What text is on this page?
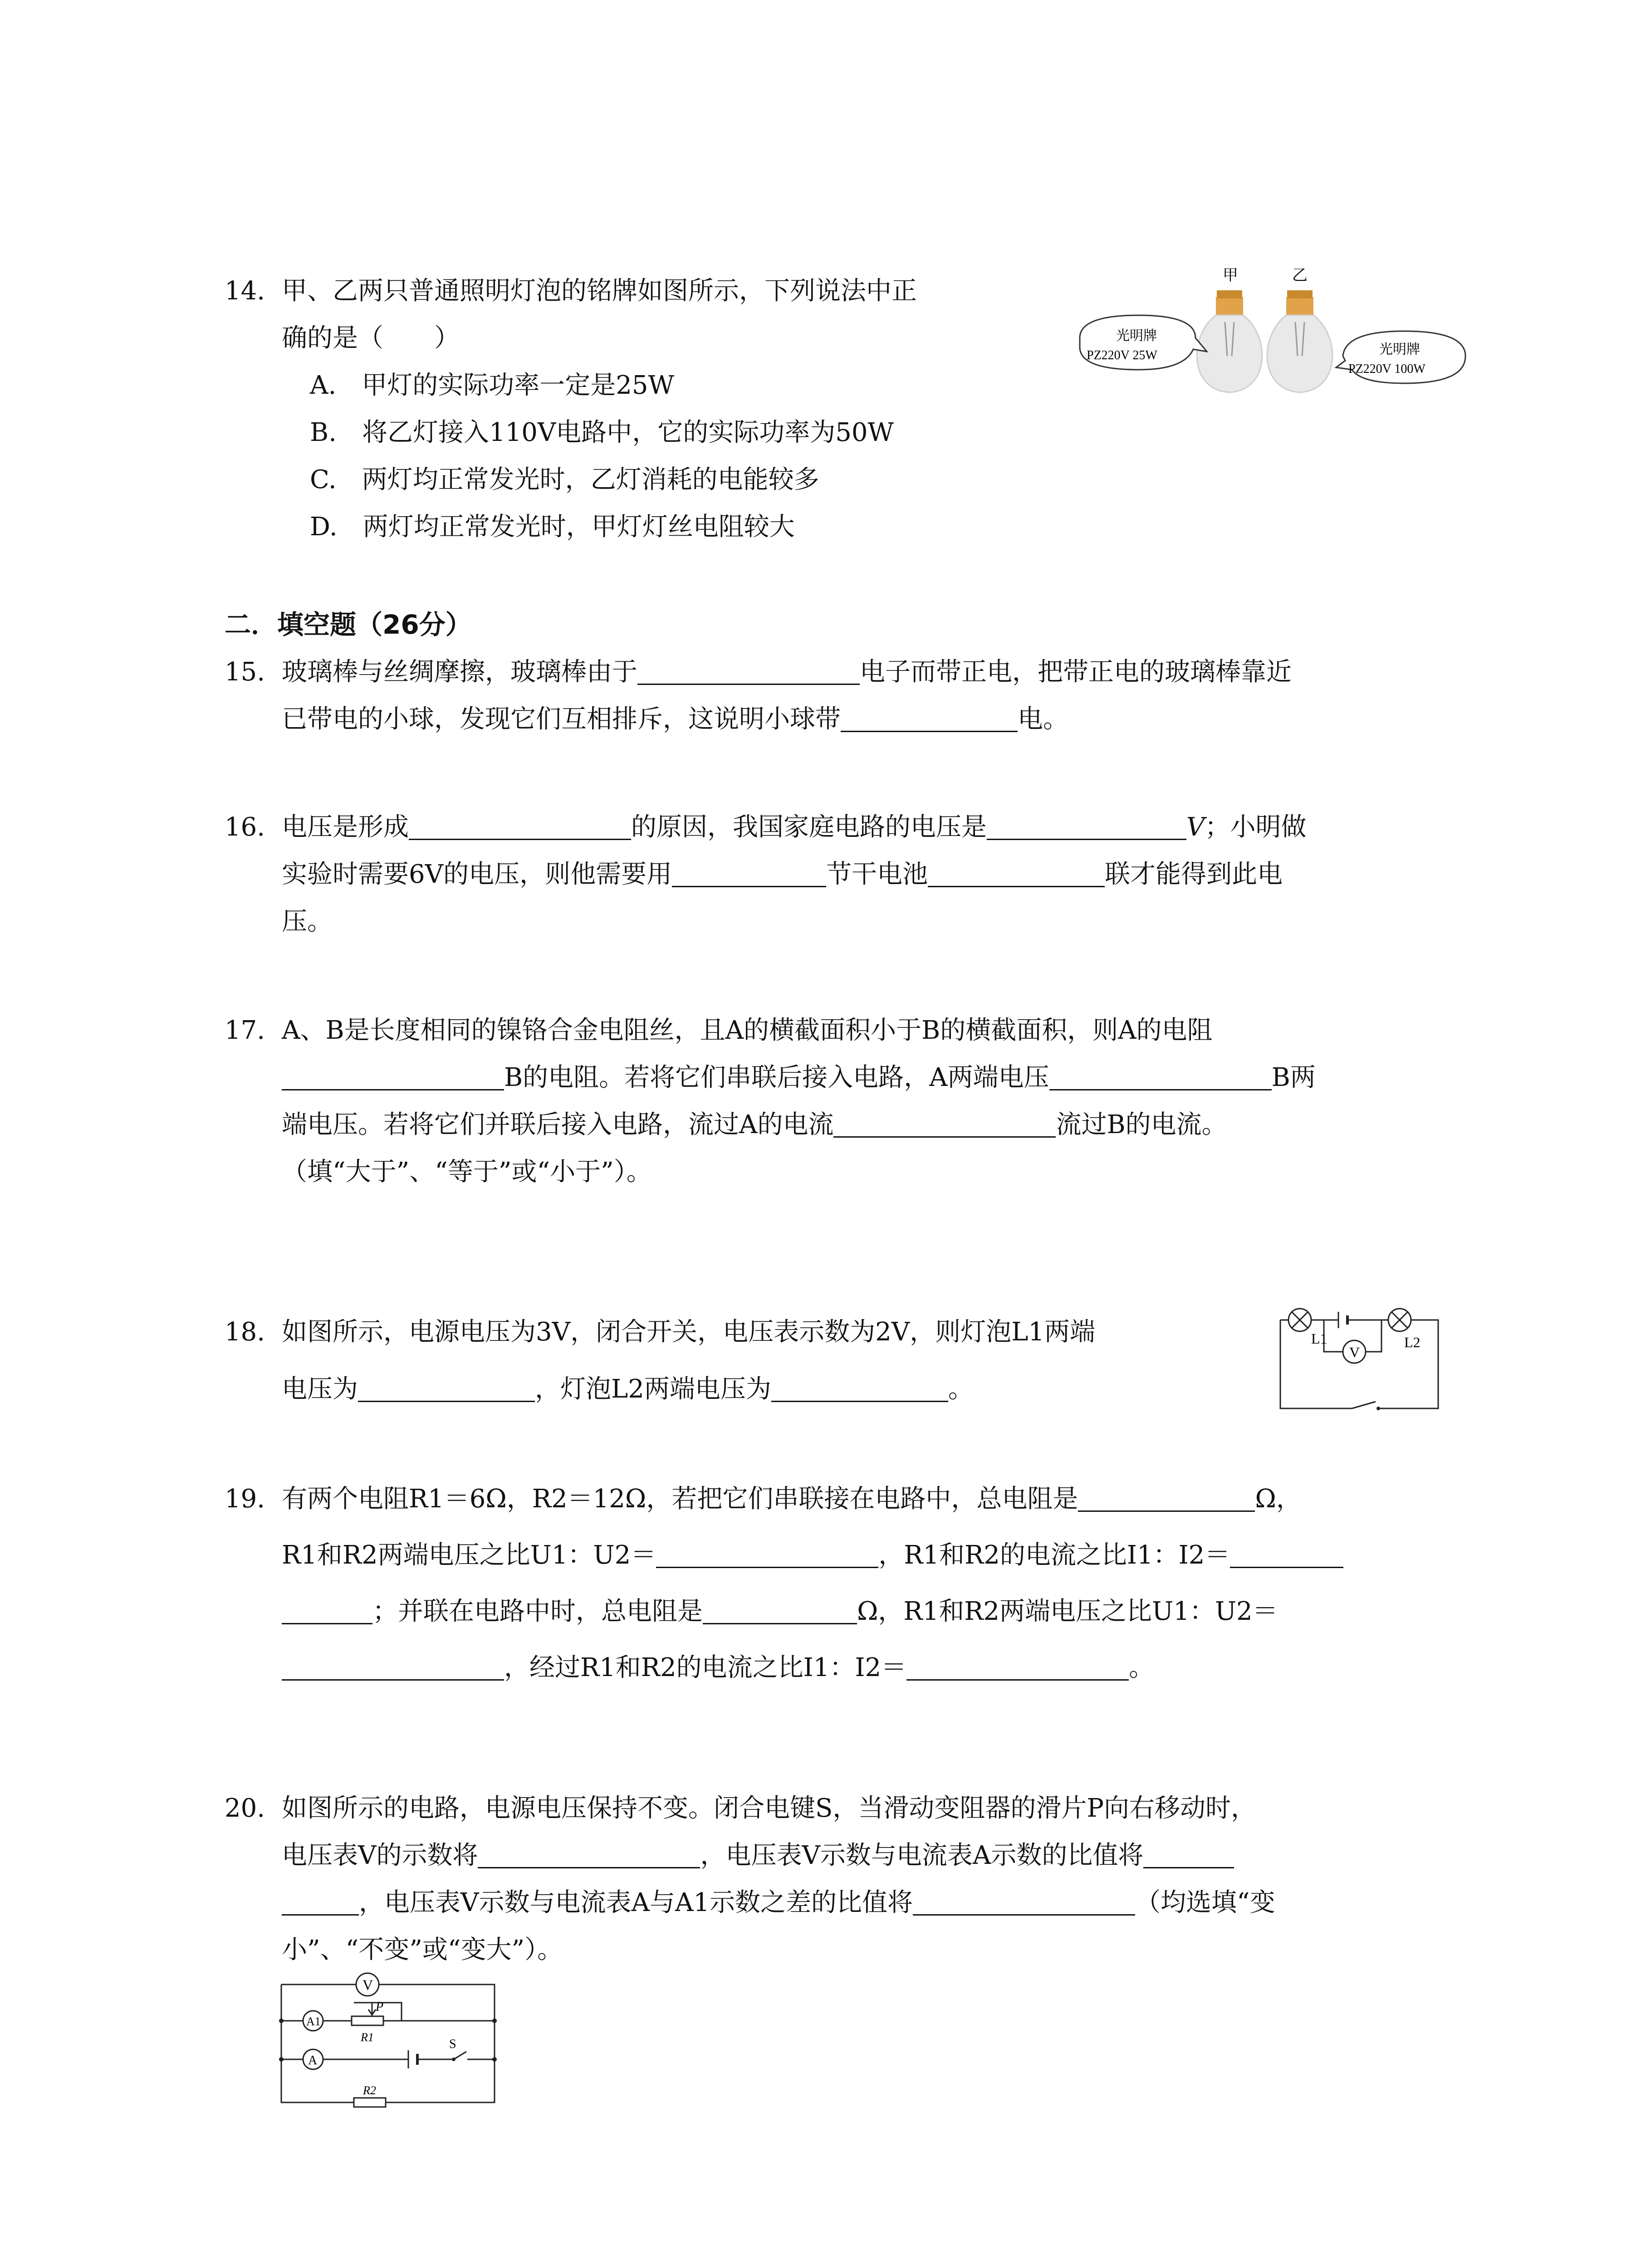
14. 甲、乙两只普通照明灯泡的铭牌如图所示，下列说法中正
确的是（　　）
A.　甲灯的实际功率一定是25W
B.　将乙灯接入110V电路中，它的实际功率为50W
C.　两灯均正常发光时，乙灯消耗的电能较多
D.　两灯均正常发光时，甲灯灯丝电阻较大
甲	乙
光明牌
PZ220V 25W	光明牌
PZ220V 100W
二．填空题（26分）
15. 玻璃棒与丝绸摩擦，玻璃棒由于	电子而带正电，把带正电的玻璃棒靠近
已带电的小球，发现它们互相排斥，这说明小球带	电。
16. 电压是形成	的原因，我国家庭电路的电压是	V；小明做
实验时需要6V的电压，则他需要用	节干电池	联才能得到此电
压。
17. A、B是长度相同的镍铬合金电阻丝，且A的横截面积小于B的横截面积，则A的电阻
B的电阻。若将它们串联后接入电路，A两端电压	B两
端电压。若将它们并联后接入电路，流过A的电流	流过B的电流。
（填“大于”、“等于”或“小于”）。
18. 如图所示，电源电压为3V，闭合开关，电压表示数为2V，则灯泡L1两端
电压为	，灯泡L2两端电压为	。
L1	L2
V
19. 有两个电阻R1＝6Ω，R2＝12Ω，若把它们串联接在电路中，总电阻是	Ω，
R1和R2两端电压之比U1：U2＝	，R1和R2的电流之比I1：I2＝
；并联在电路中时，总电阻是	Ω，R1和R2两端电压之比U1：U2＝
，经过R1和R2的电流之比I1：I2＝	。
20. 如图所示的电路，电源电压保持不变。闭合电键S，当滑动变阻器的滑片P向右移动时，
电压表V的示数将	，电压表V示数与电流表A示数的比值将
，电压表V示数与电流表A与A1示数之差的比值将	（均选填“变
小”、“不变”或“变大”）。
V
A1
P
R1
A
S
R2
